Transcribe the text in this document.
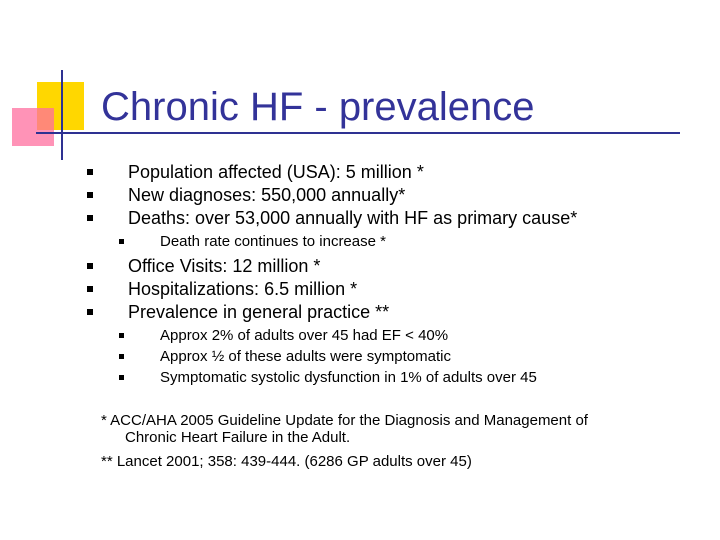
Chronic HF - prevalence
Population affected (USA): 5 million *
New diagnoses: 550,000 annually*
Deaths: over 53,000 annually with HF as primary cause*
Death rate continues to increase *
Office Visits: 12 million *
Hospitalizations: 6.5 million *
Prevalence in general practice **
Approx 2% of adults over 45 had EF < 40%
Approx ½ of these adults were symptomatic
Symptomatic systolic dysfunction in 1% of adults over 45
* ACC/AHA 2005 Guideline Update for the Diagnosis and Management of
Chronic Heart Failure in the Adult.
** Lancet 2001; 358: 439-444. (6286 GP adults over 45)
